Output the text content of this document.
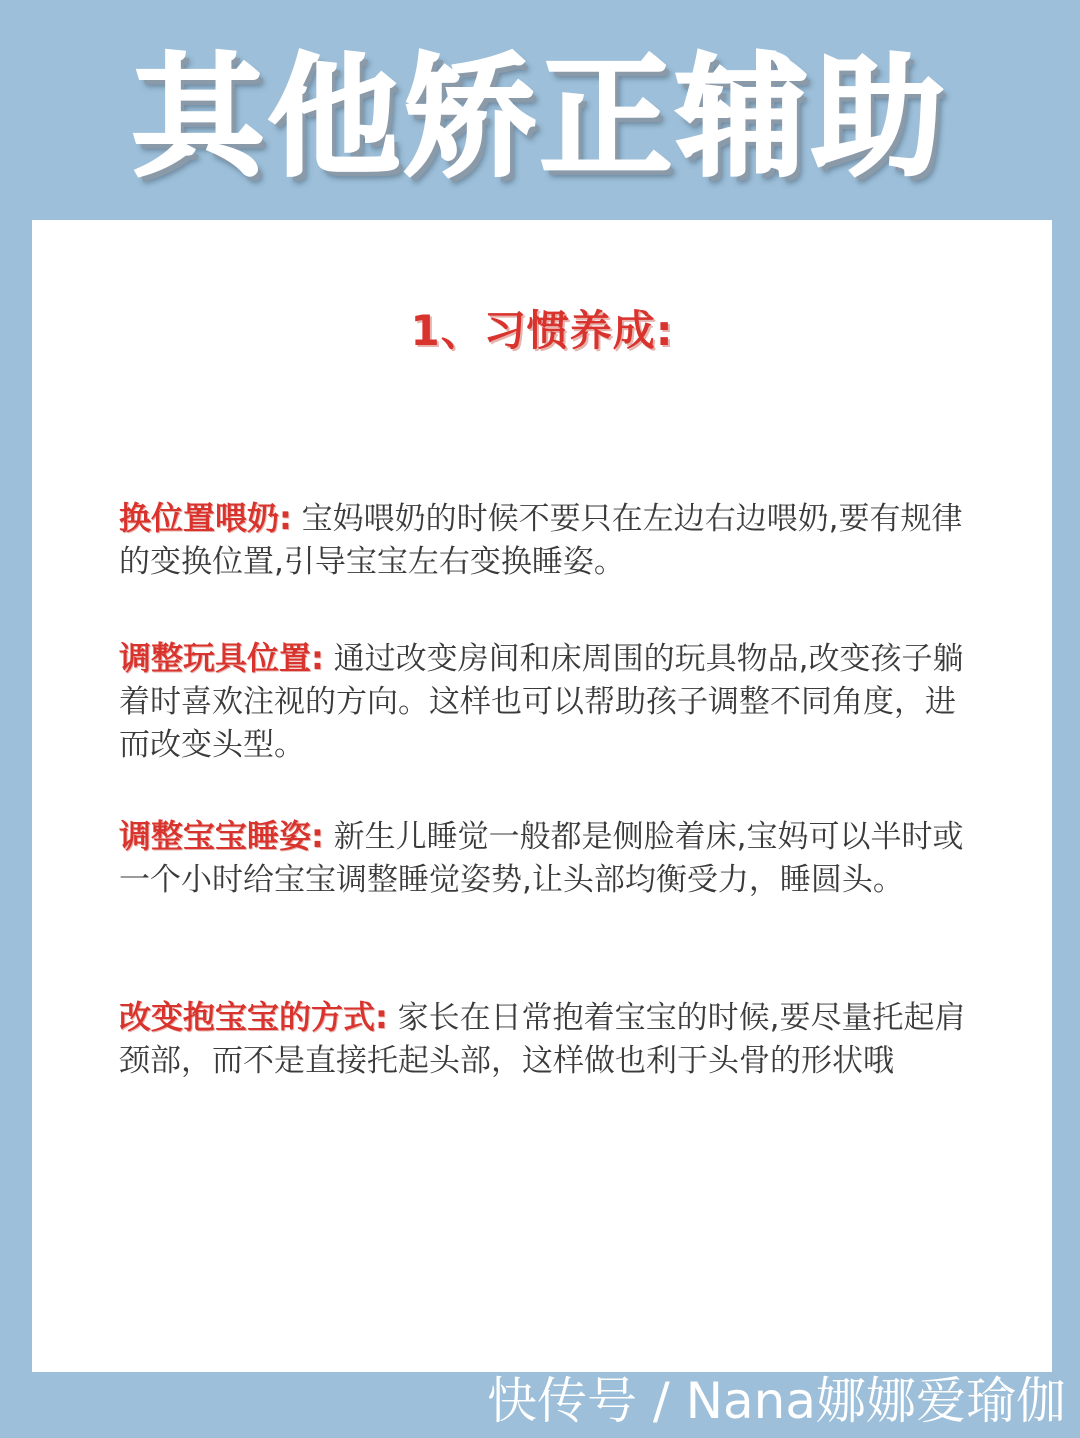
其他矫正辅助
1、习惯养成:
换位置喂奶: 宝妈喂奶的时候不要只在左边右边喂奶,要有规律的变换位置,引导宝宝左右变换睡姿。
调整玩具位置: 通过改变房间和床周围的玩具物品,改变孩子躺着时喜欢注视的方向。这样也可以帮助孩子调整不同角度，进而改变头型。
调整宝宝睡姿: 新生儿睡觉一般都是侧脸着床,宝妈可以半时或一个小时给宝宝调整睡觉姿势,让头部均衡受力，睡圆头。
改变抱宝宝的方式: 家长在日常抱着宝宝的时候,要尽量托起肩颈部，而不是直接托起头部，这样做也利于头骨的形状哦
快传号 / Nana娜娜爱瑜伽
